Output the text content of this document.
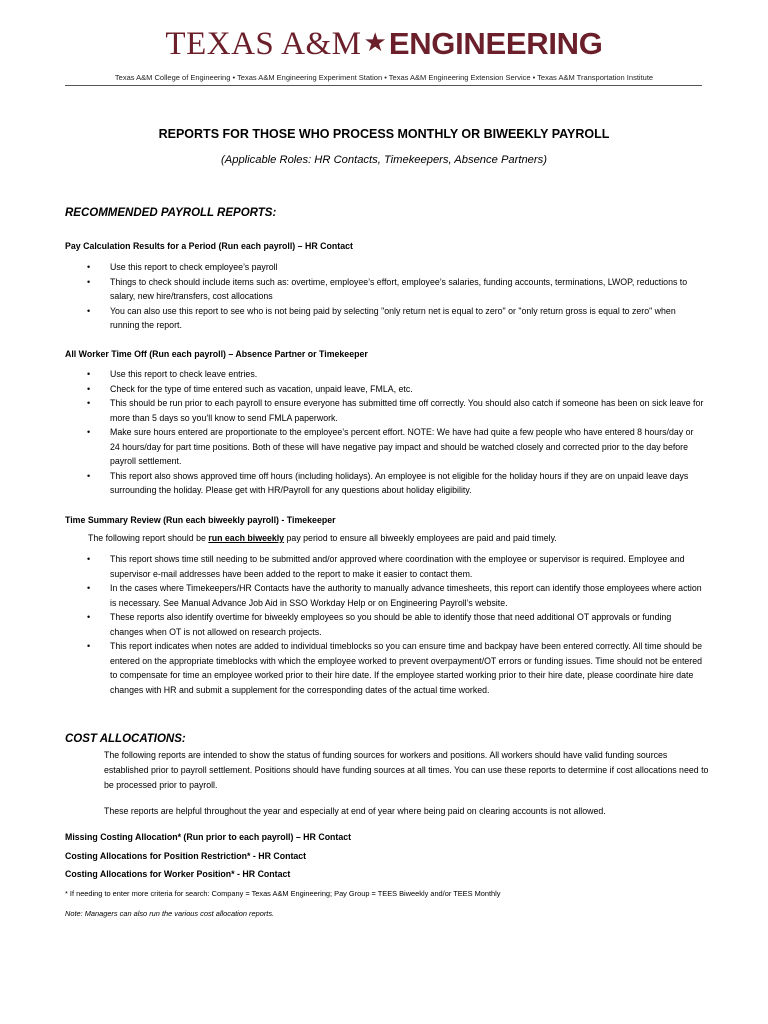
TEXAS A&M★ENGINEERING
Texas A&M College of Engineering • Texas A&M Engineering Experiment Station • Texas A&M Engineering Extension Service • Texas A&M Transportation Institute
REPORTS FOR THOSE WHO PROCESS MONTHLY OR BIWEEKLY PAYROLL
(Applicable Roles: HR Contacts, Timekeepers, Absence Partners)
RECOMMENDED PAYROLL REPORTS:
Pay Calculation Results for a Period (Run each payroll) – HR Contact
• Use this report to check employee’s payroll
• Things to check should include items such as: overtime, employee’s effort, employee’s salaries, funding accounts, terminations, LWOP, reductions to salary, new hire/transfers, cost allocations
• You can also use this report to see who is not being paid by selecting "only return net is equal to zero" or "only return gross is equal to zero" when running the report.
All Worker Time Off (Run each payroll) – Absence Partner or Timekeeper
• Use this report to check leave entries.
• Check for the type of time entered such as vacation, unpaid leave, FMLA, etc.
• This should be run prior to each payroll to ensure everyone has submitted time off correctly. You should also catch if someone has been on sick leave for more than 5 days so you’ll know to send FMLA paperwork.
• Make sure hours entered are proportionate to the employee’s percent effort. NOTE: We have had quite a few people who have entered 8 hours/day or 24 hours/day for part time positions. Both of these will have negative pay impact and should be watched closely and corrected prior to the day before payroll settlement.
• This report also shows approved time off hours (including holidays). An employee is not eligible for the holiday hours if they are on unpaid leave days surrounding the holiday. Please get with HR/Payroll for any questions about holiday eligibility.
Time Summary Review (Run each biweekly payroll) - Timekeeper
The following report should be run each biweekly pay period to ensure all biweekly employees are paid and paid timely.
• This report shows time still needing to be submitted and/or approved where coordination with the employee or supervisor is required. Employee and supervisor e-mail addresses have been added to the report to make it easier to contact them.
• In the cases where Timekeepers/HR Contacts have the authority to manually advance timesheets, this report can identify those employees where action is necessary. See Manual Advance Job Aid in SSO Workday Help or on Engineering Payroll’s website.
• These reports also identify overtime for biweekly employees so you should be able to identify those that need additional OT approvals or funding changes when OT is not allowed on research projects.
• This report indicates when notes are added to individual timeblocks so you can ensure time and backpay have been entered correctly. All time should be entered on the appropriate timeblocks with which the employee worked to prevent overpayment/OT errors or funding issues. Time should not be entered to compensate for time an employee worked prior to their hire date. If the employee started working prior to their hire date, please coordinate hire date changes with HR and submit a supplement for the corresponding dates of the actual time worked.
COST ALLOCATIONS:
The following reports are intended to show the status of funding sources for workers and positions. All workers should have valid funding sources established prior to payroll settlement. Positions should have funding sources at all times. You can use these reports to determine if cost allocations need to be processed prior to payroll.
These reports are helpful throughout the year and especially at end of year where being paid on clearing accounts is not allowed.
Missing Costing Allocation* (Run prior to each payroll) – HR Contact
Costing Allocations for Position Restriction* - HR Contact
Costing Allocations for Worker Position* - HR Contact
* If needing to enter more criteria for search: Company = Texas A&M Engineering; Pay Group = TEES Biweekly and/or TEES Monthly
Note: Managers can also run the various cost allocation reports.
